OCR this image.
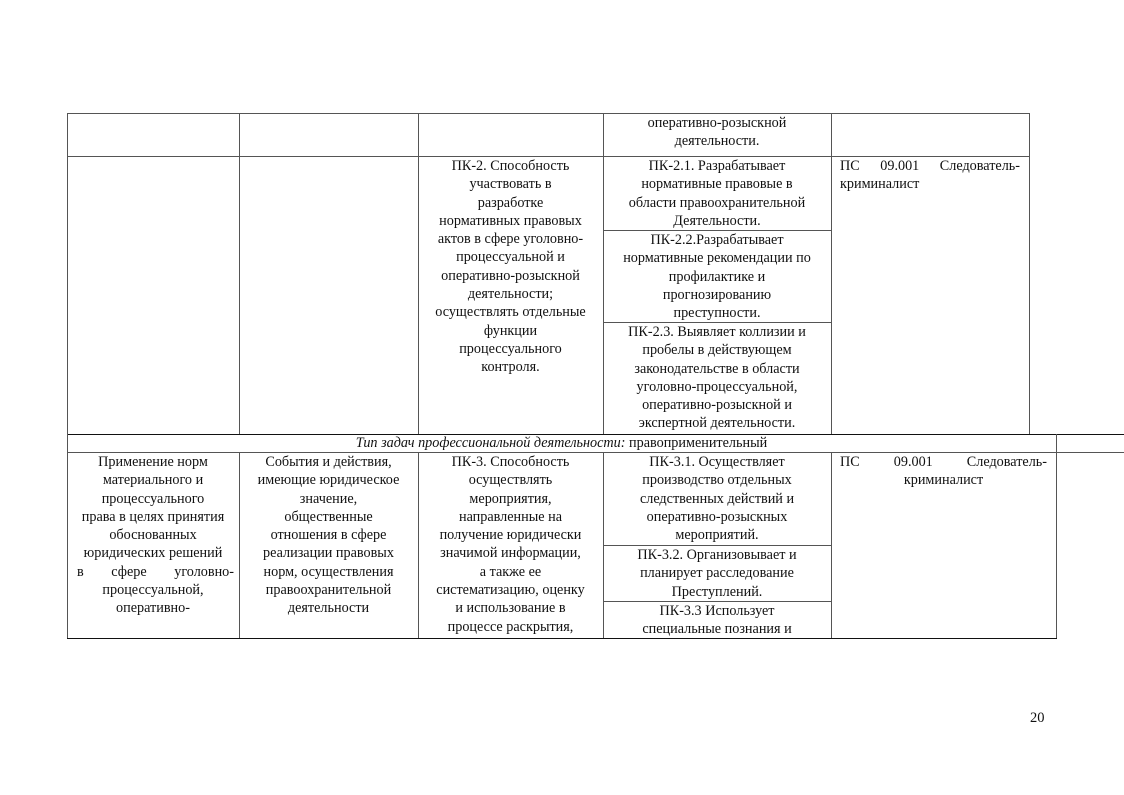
оперативно-розыскной
деятельности.
ПК-2. Способность
участвовать в
разработке
нормативных правовых
актов в сфере уголовно-
процессуальной и
оперативно-розыскной
деятельности;
осуществлять отдельные
функции
процессуального
контроля.
ПК-2.1. Разрабатывает
нормативные правовые в
области правоохранительной
Деятельности.
ПК-2.2.Разрабатывает
нормативные рекомендации по
профилактике и
прогнозированию
преступности.
ПК-2.3. Выявляет коллизии и
пробелы в действующем
законодательстве в области
уголовно-процессуальной,
оперативно-розыскной и
экспертной деятельности.
ПС 09.001 Следователь-
криминалист
Тип задач профессиональной деятельности: правоприменительный
Применение норм
материального и
процессуального
права в целях принятия
обоснованных
юридических решений
в сфере уголовно-
процессуальной,
оперативно-
События и действия,
имеющие юридическое
значение,
общественные
отношения в сфере
реализации правовых
норм, осуществления
правоохранительной
деятельности
ПК-3. Способность
осуществлять
мероприятия,
направленные на
получение юридически
значимой информации,
а также ее
систематизацию, оценку
и использование в
процессе раскрытия,
ПК-3.1. Осуществляет
производство отдельных
следственных действий и
оперативно-розыскных
мероприятий.
ПК-3.2. Организовывает и
планирует расследование
Преступлений.
ПК-3.3 Использует
специальные познания и
ПС 09.001 Следователь-
криминалист
20
